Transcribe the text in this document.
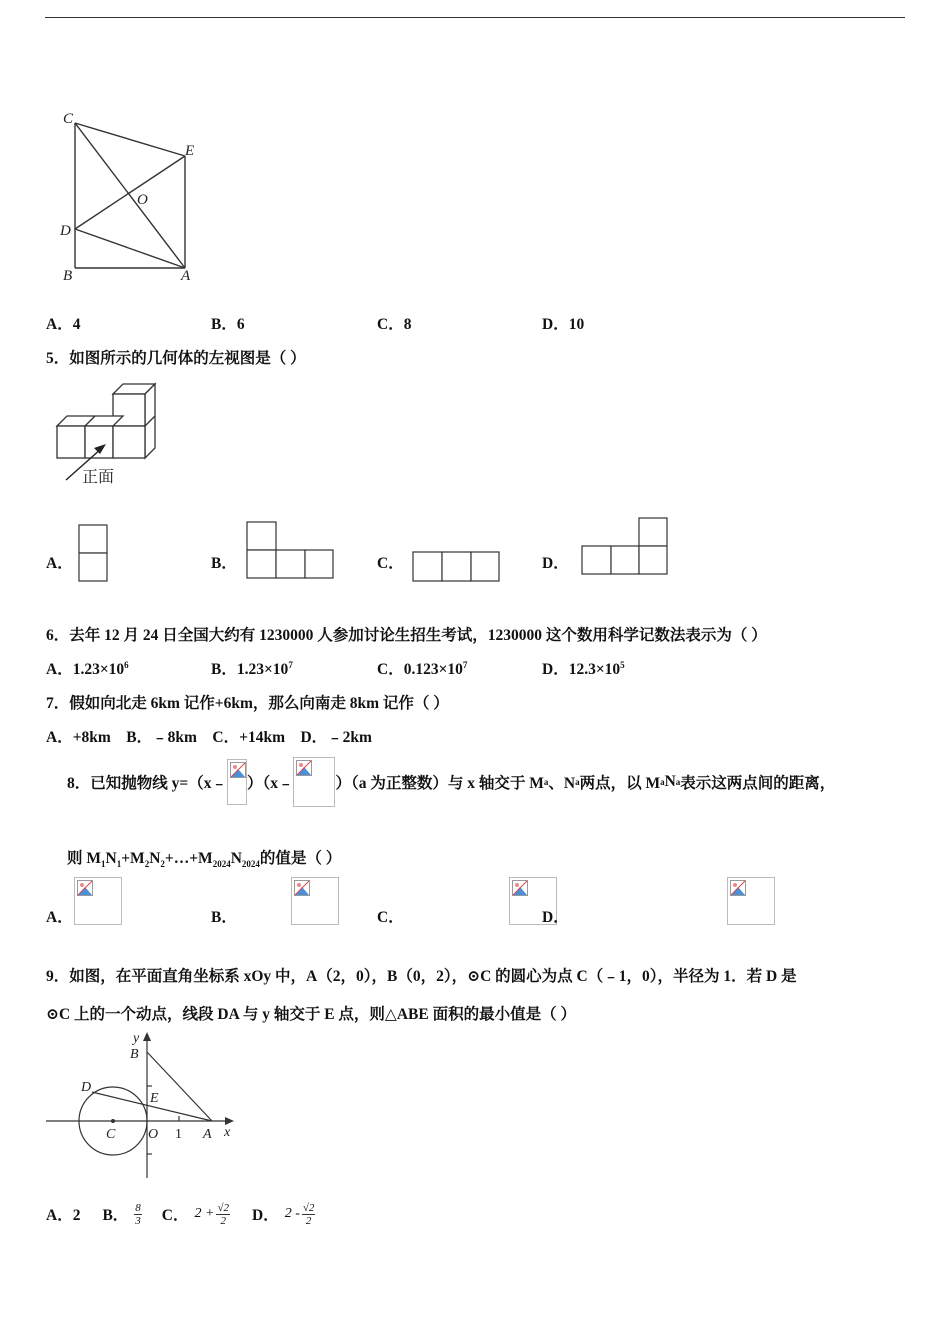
C
E
O
D
B	A
A．4	B．6	C．8	D．10
5．如图所示的几何体的左视图是（ ）
正面
A．	B．	C．	D．
6．去年 12 月 24 日全国大约有 1230000 人参加讨论生招生考试，1230000 这个数用科学记数法表示为（ ）
A．$1.23\times 10^6$	B．$1.23\times 10^7$	C．$0.123\times 10^7$	D．$12.3\times 10^5$
7．假如向北走 6km 记作+6km，那么向南走 8km 记作（ ）
A．+8km    B．﹣8km    C．+14km    D．﹣2km
8．已知抛物线 y=（x﹣ ）（x﹣	）（a 为正整数）与 x 轴交于 M a 、N a 两点，以 M a N a 表示这两点间的距离，
则 $M_1N_1+M_2N_2+\dots+M_{2024}N_{2024}$的值是（ ）
A．
	B．
	C．
	D．
9．如图，在平面直角坐标系 xOy 中，A（2，0），B（0，2），⊙C 的圆心为点 C（﹣1，0），半径为 1．若 D 是
⊙C 上的一个动点，线段 DA 与 y 轴交于 E 点，则△ABE 面积的最小值是（ ）
y
B
D
E
C O 1 A x
A．2 B． $\frac{8}{3}$ C． $2 + \frac{√2}{2}$ D． $2 - \frac{√2}{2}$
